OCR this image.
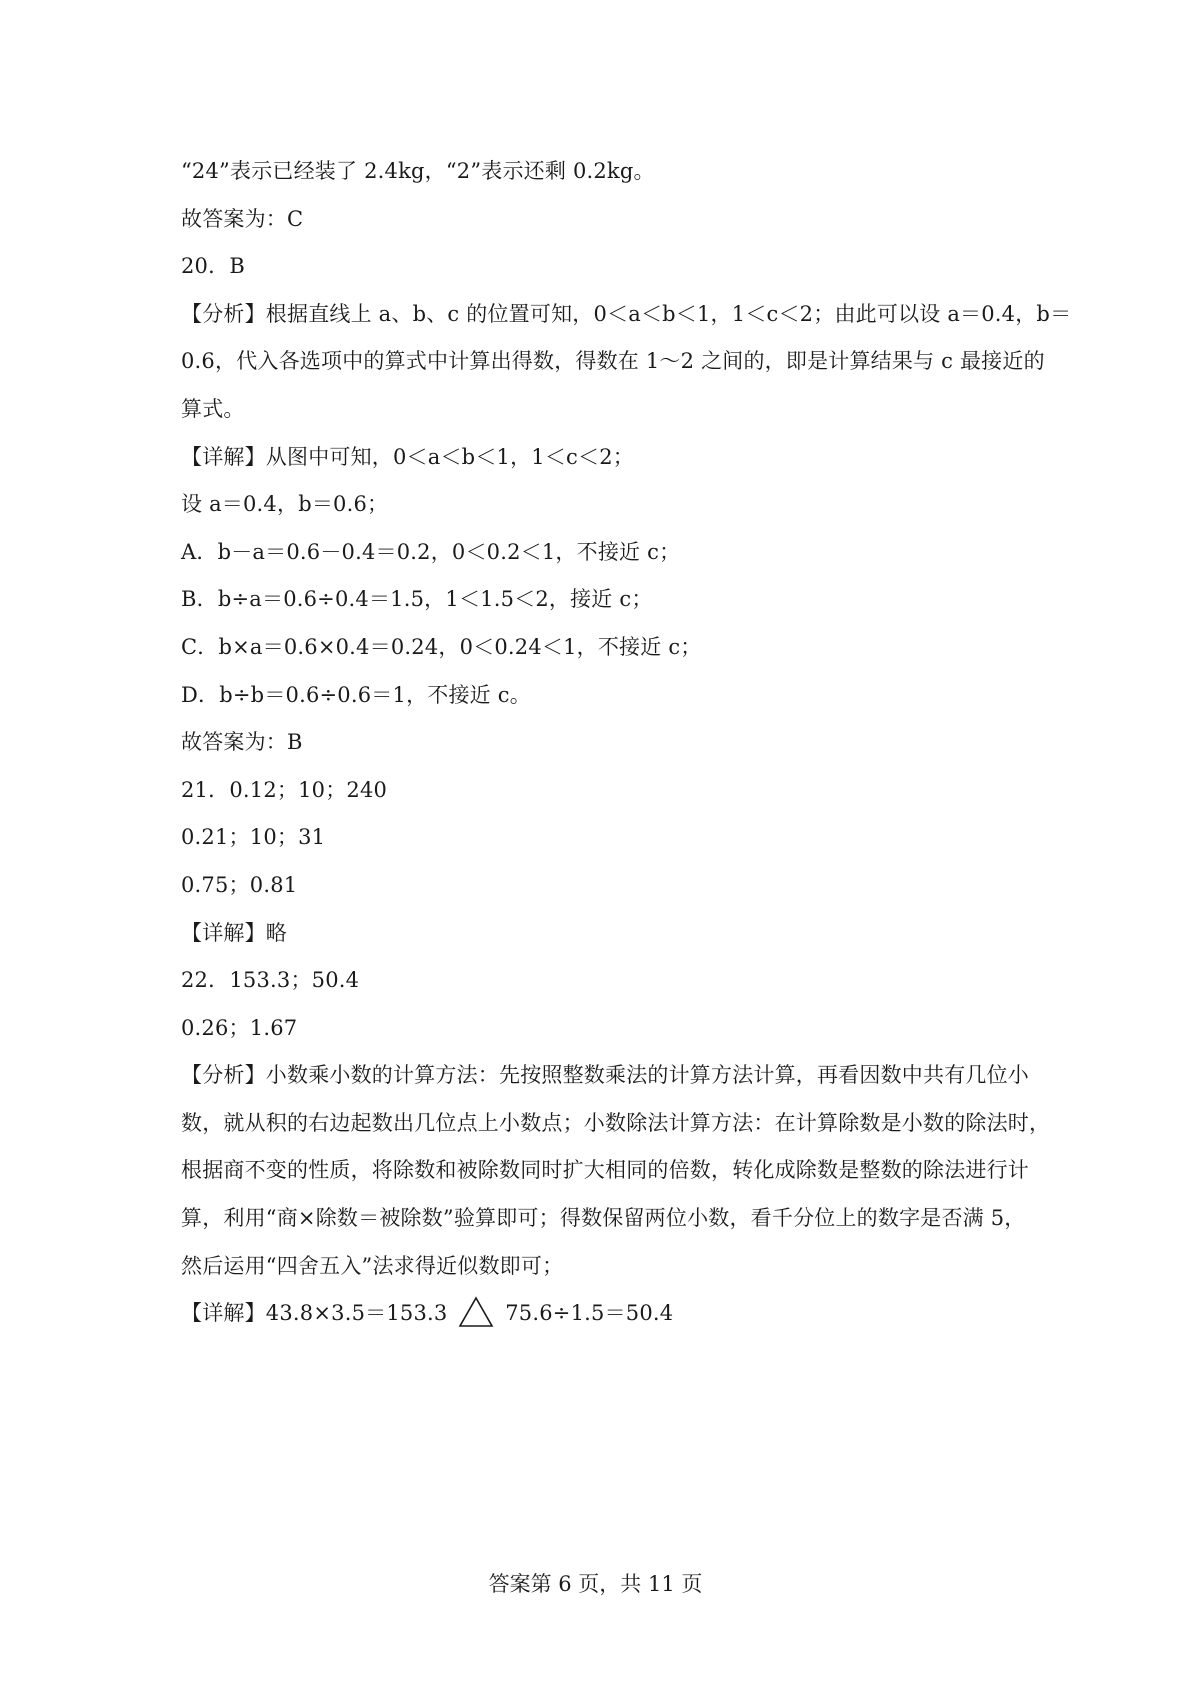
“24”表示已经装了 2.4kg，“2”表示还剩 0.2kg。
故答案为：C
20．B
【分析】根据直线上 a、b、c 的位置可知，0＜a＜b＜1，1＜c＜2；由此可以设 a＝0.4，b＝
0.6，代入各选项中的算式中计算出得数，得数在 1～2 之间的，即是计算结果与 c 最接近的
算式。
【详解】从图中可知，0＜a＜b＜1，1＜c＜2；
设 a＝0.4，b＝0.6；
A．b－a＝0.6－0.4＝0.2，0＜0.2＜1，不接近 c；
B．b÷a＝0.6÷0.4＝1.5，1＜1.5＜2，接近 c；
C．b×a＝0.6×0.4＝0.24，0＜0.24＜1，不接近 c；
D．b÷b＝0.6÷0.6＝1，不接近 c。
故答案为：B
21．0.12；10；240
0.21；10；31
0.75；0.81
【详解】略
22．153.3；50.4
0.26；1.67
【分析】小数乘小数的计算方法：先按照整数乘法的计算方法计算，再看因数中共有几位小
数，就从积的右边起数出几位点上小数点；小数除法计算方法：在计算除数是小数的除法时，
根据商不变的性质，将除数和被除数同时扩大相同的倍数，转化成除数是整数的除法进行计
算，利用“商×除数＝被除数”验算即可；得数保留两位小数，看千分位上的数字是否满 5，
然后运用“四舍五入”法求得近似数即可；
【详解】43.8×3.5＝153.3	75.6÷1.5＝50.4
答案第 6 页，共 11 页
